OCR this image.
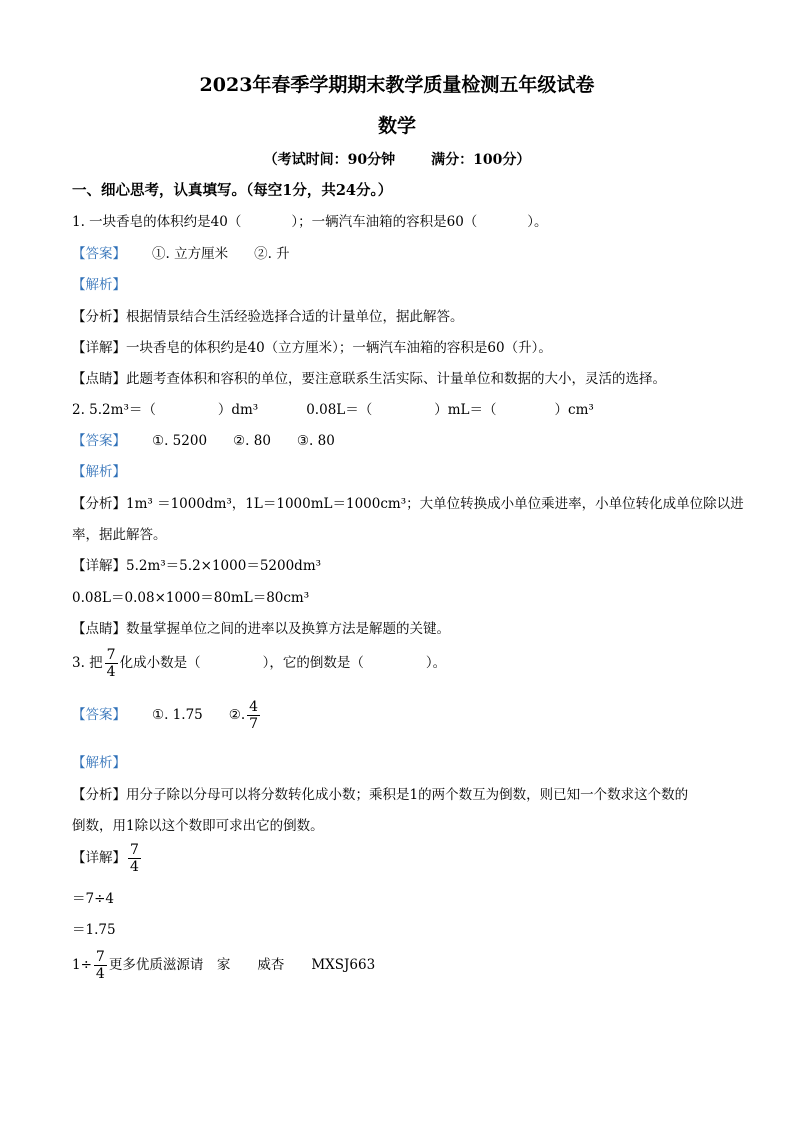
2023年春季学期期末教学质量检测五年级试卷
数学
（考试时间：90分钟	满分：100分）
一、细心思考，认真填写。（每空1分，共24分。）
1. 一块香皂的体积约是40（	）；一辆汽车油箱的容积是60（	）。
【答案】 ①. 立方厘米 ②. 升
【解析】
【分析】根据情景结合生活经验选择合适的计量单位，据此解答。
【详解】一块香皂的体积约是40（立方厘米）；一辆汽车油箱的容积是60（升）。
【点睛】此题考查体积和容积的单位，要注意联系生活实际、计量单位和数据的大小，灵活的选择。
2. 5.2m³＝（	）dm³	0.08L＝（	）mL＝（	）cm³
【答案】 ①. 5200 ②. 80 ③. 80
【解析】
【分析】1m³ ＝1000dm³，1L＝1000mL＝1000cm³；大单位转换成小单位乘进率，小单位转化成单位除以进
率，据此解答。
【详解】5.2m³＝5.2×1000＝5200dm³
0.08L＝0.08×1000＝80mL＝80cm³
【点睛】数量掌握单位之间的进率以及换算方法是解题的关键。
3. 把 $\frac{7}{4}$ 化成小数是（	），它的倒数是（	）。
【答案】 ①. 1.75 ②. $\frac{4}{7}$
【解析】
【分析】用分子除以分母可以将分数转化成小数；乘积是1的两个数互为倒数，则已知一个数求这个数的
倒数，用1除以这个数即可求出它的倒数。
【详解】 $\frac{7}{4}$
＝7÷4
＝1.75
$1\div \frac{7}{4}$ 更多优质滋源请　家　　威杏　　MXSJ663
